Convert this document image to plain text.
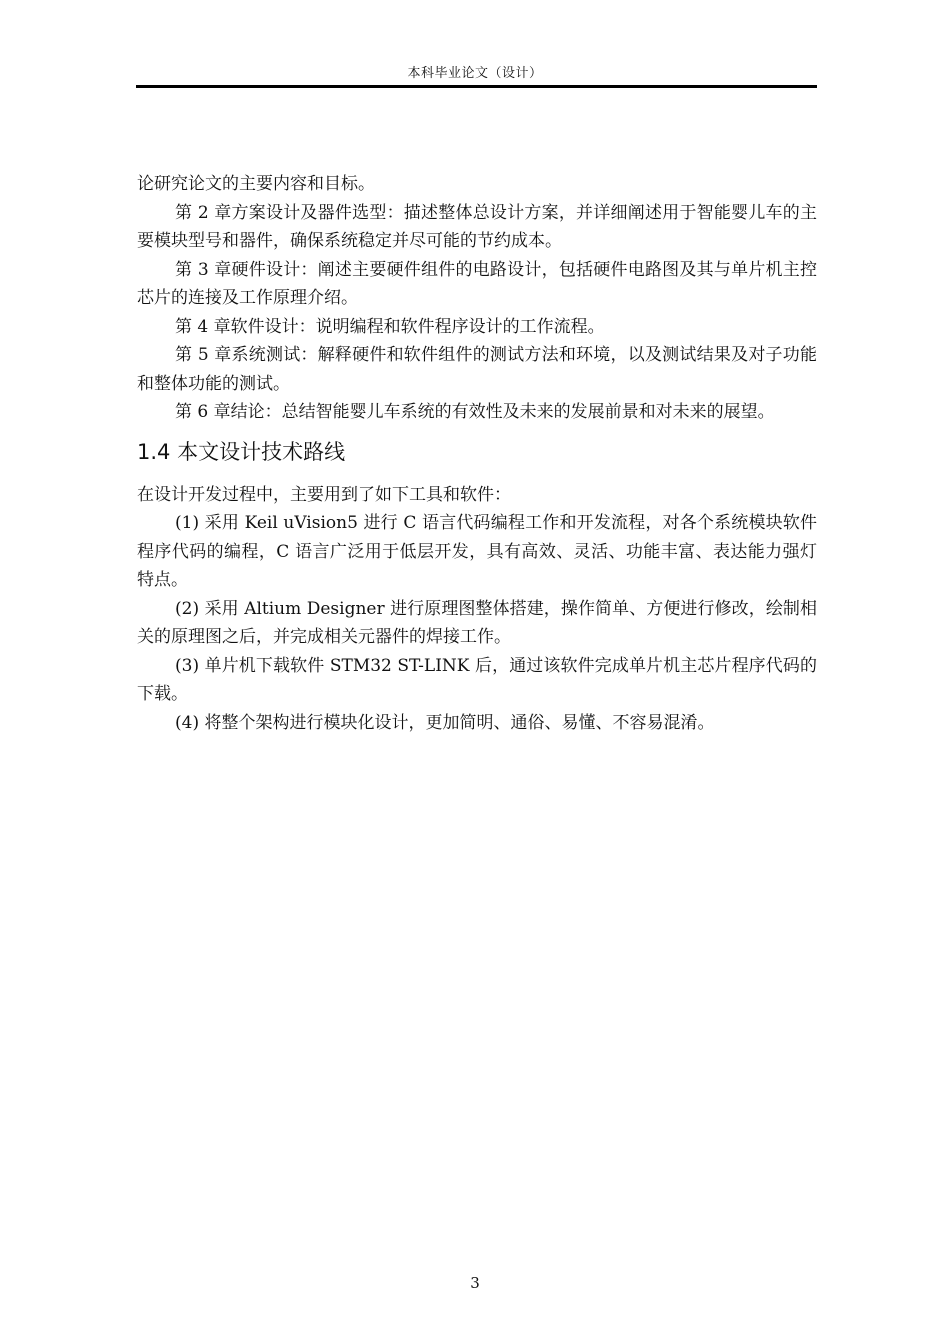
本科毕业论文（设计）

论研究论文的主要内容和目标。

第 2 章方案设计及器件选型：描述整体总设计方案，并详细阐述用于智能婴儿车的主要模块型号和器件，确保系统稳定并尽可能的节约成本。

第 3 章硬件设计：阐述主要硬件组件的电路设计，包括硬件电路图及其与单片机主控芯片的连接及工作原理介绍。

第 4 章软件设计：说明编程和软件程序设计的工作流程。

第 5 章系统测试：解释硬件和软件组件的测试方法和环境，以及测试结果及对子功能和整体功能的测试。

第 6 章结论：总结智能婴儿车系统的有效性及未来的发展前景和对未来的展望。

1.4 本文设计技术路线

在设计开发过程中，主要用到了如下工具和软件：

(1) 采用 Keil uVision5 进行 C 语言代码编程工作和开发流程，对各个系统模块软件程序代码的编程，C 语言广泛用于低层开发，具有高效、灵活、功能丰富、表达能力强灯特点。

(2) 采用 Altium Designer 进行原理图整体搭建，操作简单、方便进行修改，绘制相关的原理图之后，并完成相关元器件的焊接工作。

(3) 单片机下载软件 STM32 ST-LINK 后，通过该软件完成单片机主芯片程序代码的下载。

(4) 将整个架构进行模块化设计，更加简明、通俗、易懂、不容易混淆。

3
